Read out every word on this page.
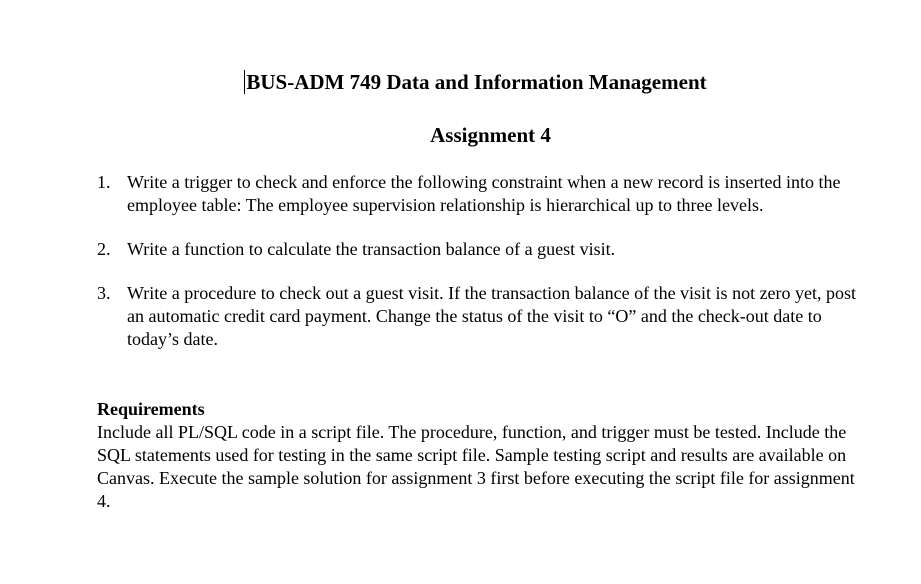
BUS-ADM 749 Data and Information Management
Assignment 4
1. Write a trigger to check and enforce the following constraint when a new record is inserted into the employee table: The employee supervision relationship is hierarchical up to three levels.
2. Write a function to calculate the transaction balance of a guest visit.
3. Write a procedure to check out a guest visit. If the transaction balance of the visit is not zero yet, post an automatic credit card payment. Change the status of the visit to “O” and the check-out date to today’s date.
Requirements
Include all PL/SQL code in a script file. The procedure, function, and trigger must be tested. Include the SQL statements used for testing in the same script file. Sample testing script and results are available on Canvas. Execute the sample solution for assignment 3 first before executing the script file for assignment 4.
